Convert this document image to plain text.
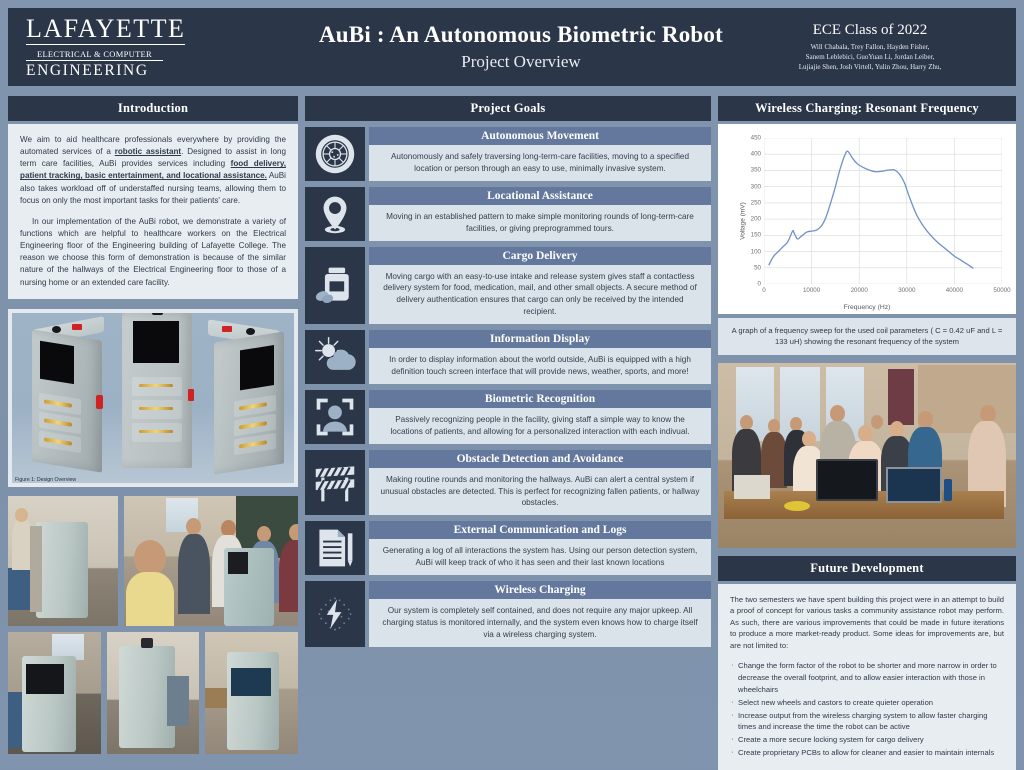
LAFAYETTE ELECTRICAL & COMPUTER
ENGINEERING
AuBi : An Autonomous Biometric Robot
Project Overview
ECE Class of 2022
Will Chabala, Trey Fallon, Hayden Fisher,
Sanem Leblebici, GuoYuan Li, Jordan Leiber,
Lujiajie Shen, Josh Virtell, Yulin Zhou, Harry Zhu,
Introduction

We aim to aid healthcare professionals everywhere by providing the automated services of a robotic assistant. Designed to assist in long term care facilities, AuBi provides services including food delivery, patient tracking, basic entertainment, and locational assistance. AuBi also takes workload off of understaffed nursing teams, allowing them to focus on only the most important tasks for their patients' care.

In our implementation of the AuBi robot, we demonstrate a variety of functions which are helpful to healthcare workers on the Electrical Engineering floor of the Engineering building of Lafayette College. The reason we choose this form of demonstration is because of the similar nature of the hallways of the Electrical Engineering floor to those of a nursing home or an extended care facility.

Figure 1: Design Overview
Project Goals
Autonomous Movement
Autonomously and safely traversing long-term-care facilities, moving to a specified location or person through an easy to use, minimally invasive system.
Locational Assistance
Moving in an established pattern to make simple monitoring rounds of long-term-care facilities, or giving preprogrammed tours.
Cargo Delivery
Moving cargo with an easy-to-use intake and release system gives staff a contactless delivery system for food, medication, mail, and other small objects. A secure method of delivery authentication ensures that cargo can only be received by the intended recipient.
Information Display
In order to display information about the world outside, AuBi is equipped with a high definition touch screen interface that will provide news, weather, sports, and more!
Biometric Recognition
Passively recognizing people in the facility, giving staff a simple way to know the locations of patients, and allowing for a personalized interaction with each indivual.
Obstacle Detection and Avoidance
Making routine rounds and monitoring the hallways. AuBi can alert a central system if unusual obstacles are detected. This is perfect for recognizing fallen patients, or hallway obstacles.
External Communication and Logs
Generating a log of all interactions the system has. Using our person detection system, AuBi will keep track of who it has seen and their last known locations
Wireless Charging
Our system is completely self contained, and does not require any major upkeep. All charging status is monitored internally, and the system even knows how to charge itself via a wireless charging system.
Wireless Charging: Resonant Frequency
Voltage (mV)
0
50
100
150
200
250
300
350
400
450
0	10000	20000	30000	40000	50000
Frequency (Hz)
A graph of a frequency sweep for the used coil parameters ( C = 0.42 uF and L = 133 uH) showing the resonant frequency of the system
Future Development
The two semesters we have spent building this project were in an attempt to build a proof of concept for various tasks a community assistance robot may perform. As such, there are various improvements that could be made in future iterations to produce a more market-ready product. Some ideas for improvements are, but are not limited to:
· Change the form factor of the robot to be shorter and more narrow in order to decrease the overall footprint, and to allow easier interaction with those in wheelchairs
· Select new wheels and castors to create quieter operation
· Increase output from the wireless charging system to allow faster charging times and increase the time the robot can be active
· Create a more secure locking system for cargo delivery
· Create proprietary PCBs to allow for cleaner and easier to maintain internals
